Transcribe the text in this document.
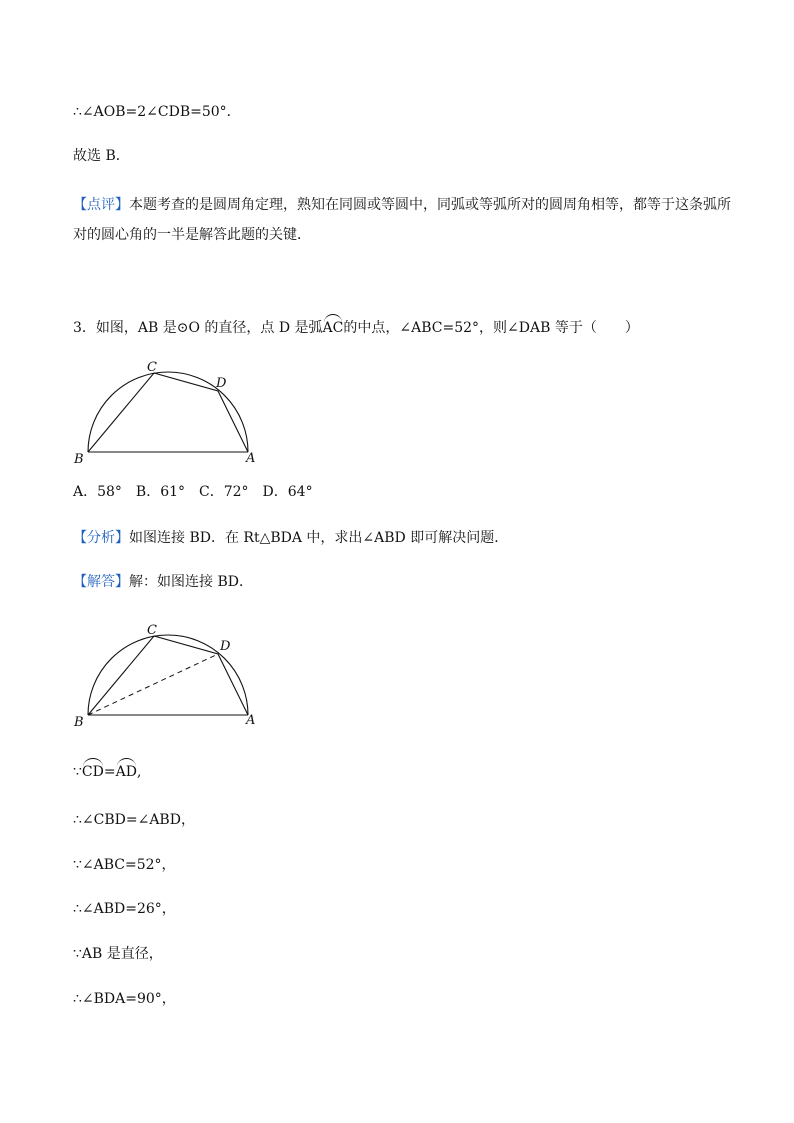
∴∠AOB=2∠CDB=50°．
故选 B．
【点评】本题考查的是圆周角定理，熟知在同圆或等圆中，同弧或等弧所对的圆周角相等，都等于这条弧所对的圆心角的一半是解答此题的关键．
3．如图，AB 是⊙O 的直径，点 D 是弧AC的中点，∠ABC=52°，则∠DAB 等于（　　）
C
D
B	A
A．58°　B．61°　C．72°　D．64°
【分析】如图连接 BD．在 Rt△BDA 中，求出∠ABD 即可解决问题．
【解答】解：如图连接 BD．
C
D
B	A
∵CD=AD,
∴∠CBD=∠ABD，
∵∠ABC=52°，
∴∠ABD=26°，
∵AB 是直径，
∴∠BDA=90°，
